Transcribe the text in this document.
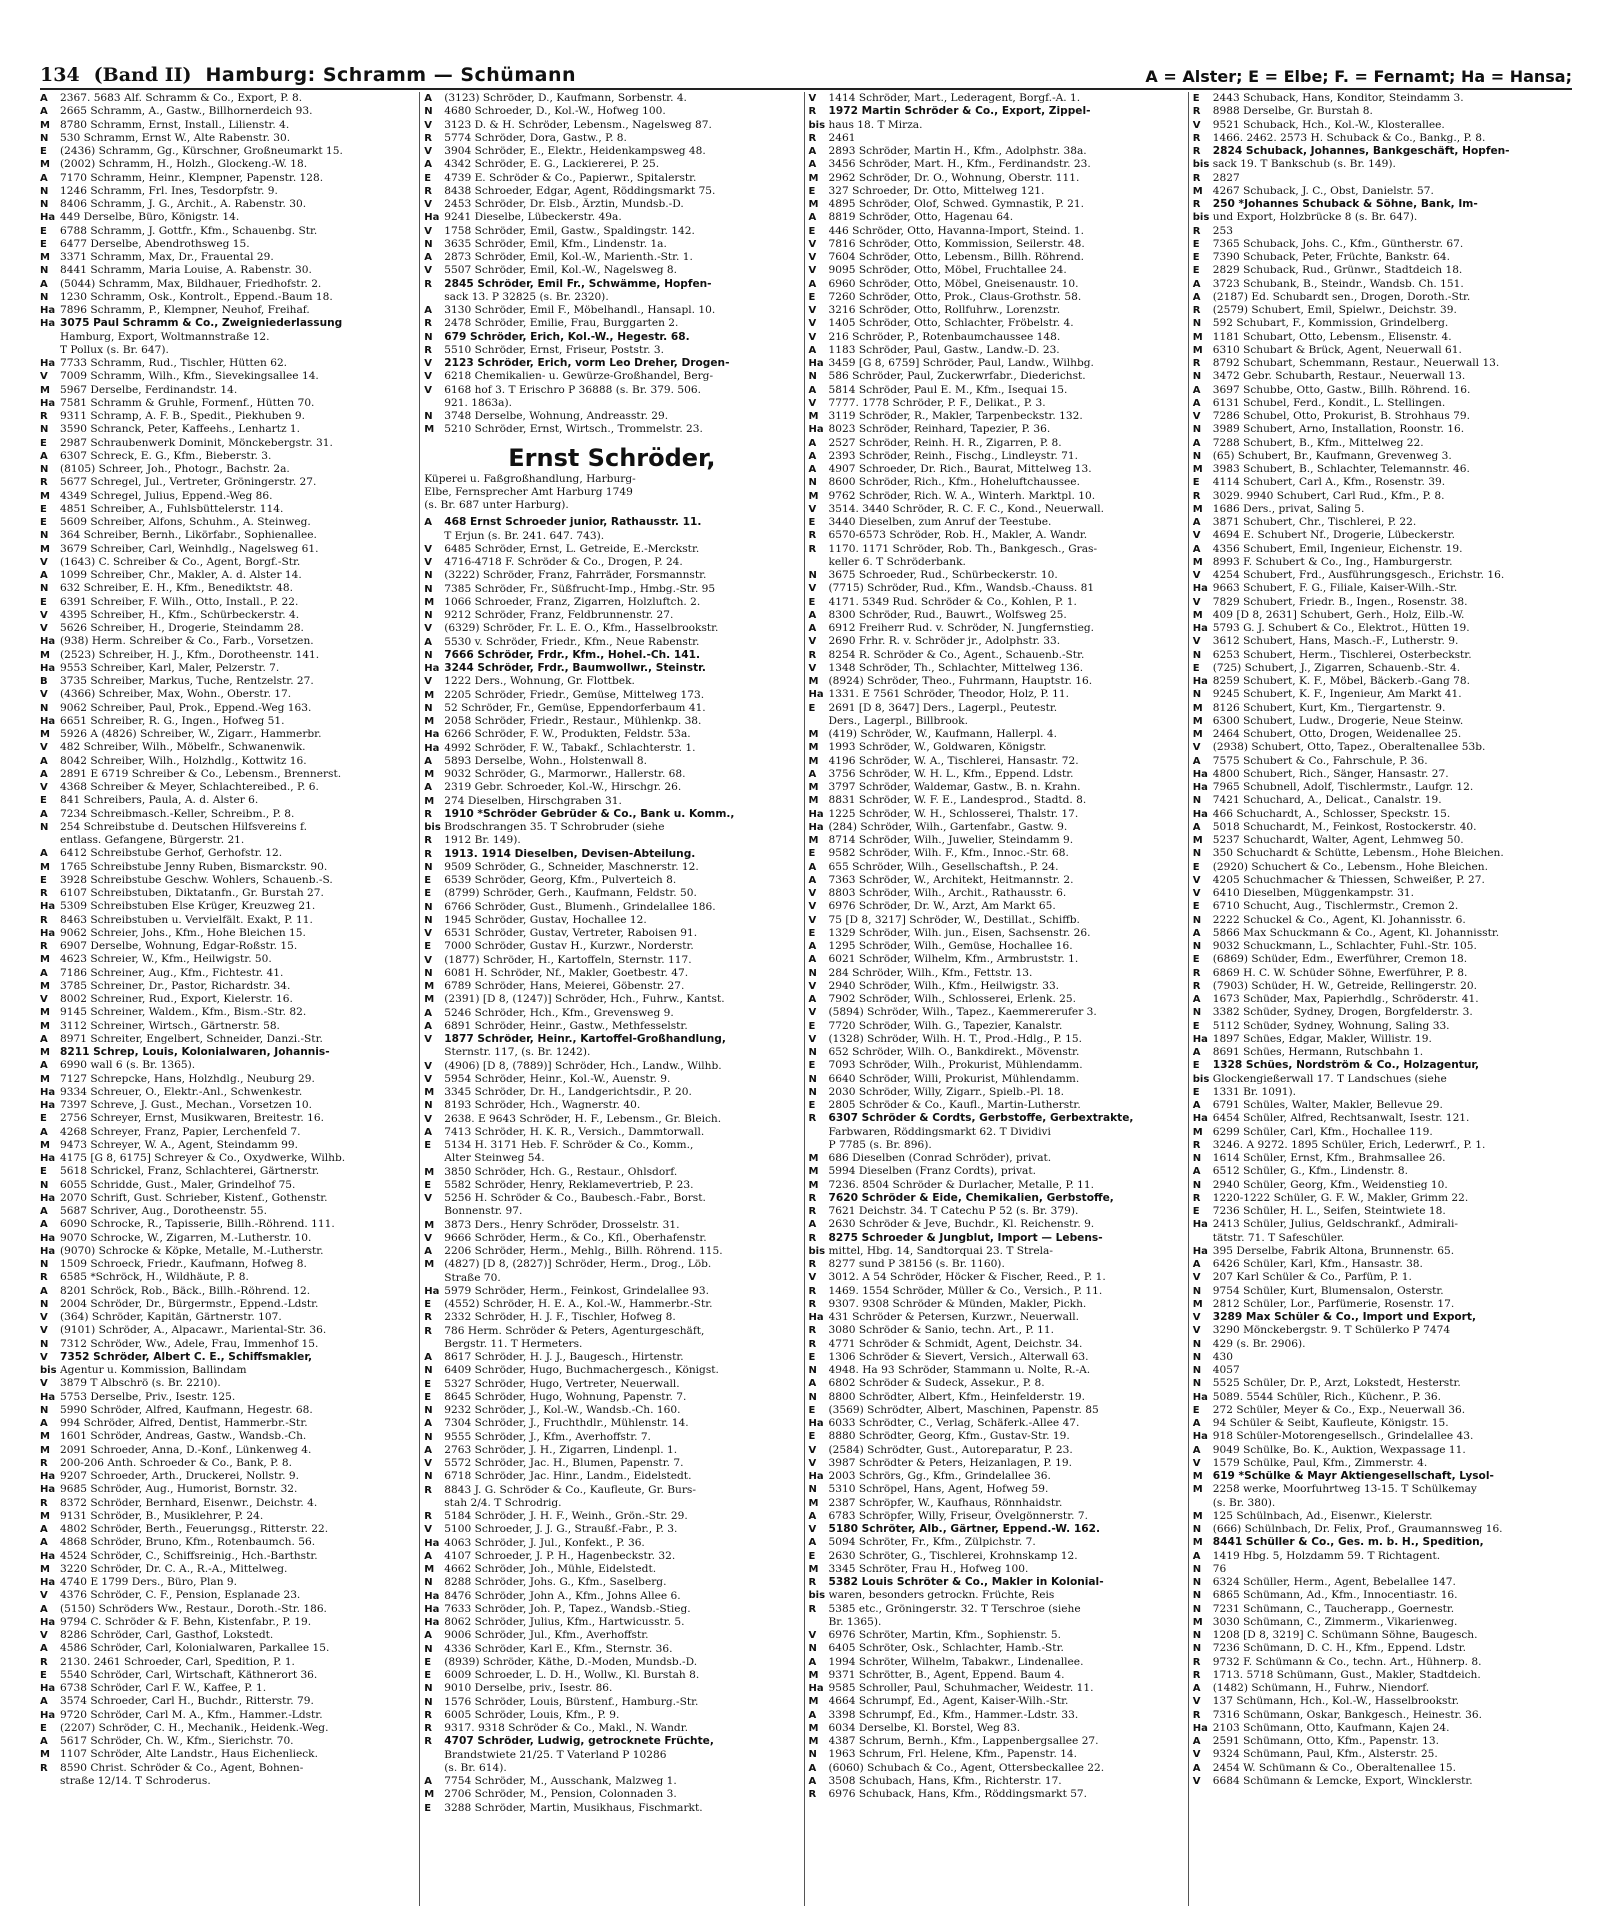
134 (Band II) Hamburg: Schramm — Schümann	A = Alster; E = Elbe; F. = Fernamt; Ha = Hansa;
A	2367. 5683 Alf. Schramm & Co., Export, P. 8.
A	2665 Schramm, A., Gastw., Billhornerdeich 93.
M 8780 Schramm, Ernst, Install., Lilienstr. 4.
N	530 Schramm, Ernst W., Alte Rabenstr. 30.
E	(2436) Schramm, Gg., Kürschner, Großneumarkt 15.
M (2002) Schramm, H., Holzh., Glockeng.-W. 18.
A	7170 Schramm, Heinr., Klempner, Papenstr. 128.
N	1246 Schramm, Frl. Ines, Tesdorpfstr. 9.
N	8406 Schramm, J. G., Archit., A. Rabenstr. 30.
Ha 449 Derselbe, Büro, Königstr. 14.
E	6788 Schramm, J. Gottfr., Kfm., Schauenbg. Str.
E	6477 Derselbe, Abendrothsweg 15.
M 3371 Schramm, Max, Dr., Frauental 29.
N	8441 Schramm, Maria Louise, A. Rabenstr. 30.
A	(5044) Schramm, Max, Bildhauer, Friedhofstr. 2.
N	1230 Schramm, Osk., Kontrolt., Eppend.-Baum 18.
Ha 7896 Schramm, P., Klempner, Neuhof, Freihaf.
Ha 3075 Paul Schramm & Co., Zweigniederlassung
Hamburg, Export, Woltmannstraße 12.
T Pollux (s. Br. 647).
Ha 7733 Schramm, Rud., Tischler, Hütten 62.
V	7009 Schramm, Wilh., Kfm., Sievekingsallee 14.
M 5967 Derselbe, Ferdinandstr. 14.
Ha 7581 Schramm & Gruhle, Formenf., Hütten 70.
R	9311 Schramp, A. F. B., Spedit., Piekhuben 9.
N	3590 Schranck, Peter, Kaffeehs., Lenhartz 1.
E	2987 Schraubenwerk Dominit, Mönckebergstr. 31.
A	6307 Schreck, E. G., Kfm., Bieberstr. 3.
N	(8105) Schreer, Joh., Photogr., Bachstr. 2a.
R	5677 Schregel, Jul., Vertreter, Gröningerstr. 27.
M 4349 Schregel, Julius, Eppend.-Weg 86.
E	4851 Schreiber, A., Fuhlsbüttelerstr. 114.
E	5609 Schreiber, Alfons, Schuhm., A. Steinweg.
N	364 Schreiber, Bernh., Likörfabr., Sophienallee.
M 3679 Schreiber, Carl, Weinhdlg., Nagelsweg 61.
V	(1643) C. Schreiber & Co., Agent, Borgf.-Str.
A	1099 Schreiber, Chr., Makler, A. d. Alster 14.
N	632 Schreiber, E. H., Kfm., Benediktstr. 48.
E	6391 Schreiber, F. Wilh., Otto, Install., P. 22.
V	4395 Schreiber, H., Kfm., Schürbeckerstr. 4.
V	5626 Schreiber, H., Drogerie, Steindamm 28.
Ha (938) Herm. Schreiber & Co., Farb., Vorsetzen.
M (2523) Schreiber, H. J., Kfm., Dorotheenstr. 141.
Ha 9553 Schreiber, Karl, Maler, Pelzerstr. 7.
B	3735 Schreiber, Markus, Tuche, Rentzelstr. 27.
V	(4366) Schreiber, Max, Wohn., Oberstr. 17.
N	9062 Schreiber, Paul, Prok., Eppend.-Weg 163.
Ha 6651 Schreiber, R. G., Ingen., Hofweg 51.
M 5926 A (4826) Schreiber, W., Zigarr., Hammerbr.
V	482 Schreiber, Wilh., Möbelfr., Schwanenwik.
A	8042 Schreiber, Wilh., Holzhdlg., Kottwitz 16.
A	2891 E 6719 Schreiber & Co., Lebensm., Brennerst.
V	4368 Schreiber & Meyer, Schlachtereibed., P. 6.
E	841 Schreibers, Paula, A. d. Alster 6.
A	7234 Schreibmasch.-Keller, Schreibm., P. 8.
N	254 Schreibstube d. Deutschen Hilfsvereins f.
entlass. Gefangene, Bürgerstr. 21.
A	6412 Schreibstube Gerhof, Gerhofstr. 12.
M 1765 Schreibstube Jenny Ruben, Bismarckstr. 90.
E	3928 Schreibstube Geschw. Wohlers, Schauenb.-S.
R	6107 Schreibstuben, Diktatanfn., Gr. Burstah 27.
Ha 5309 Schreibstuben Else Krüger, Kreuzweg 21.
R	8463 Schreibstuben u. Vervielfält. Exakt, P. 11.
Ha 9062 Schreier, Johs., Kfm., Hohe Bleichen 15.
R	6907 Derselbe, Wohnung, Edgar-Roßstr. 15.
M 4623 Schreier, W., Kfm., Heilwigstr. 50.
A	7186 Schreiner, Aug., Kfm., Fichtestr. 41.
M 3785 Schreiner, Dr., Pastor, Richardstr. 34.
V	8002 Schreiner, Rud., Export, Kielerstr. 16.
M 9145 Schreiner, Waldem., Kfm., Bism.-Str. 82.
M 3112 Schreiner, Wirtsch., Gärtnerstr. 58.
A	8971 Schreiter, Engelbert, Schneider, Danzi.-Str.
M 8211 Schrep, Louis, Kolonialwaren, Johannis-
A	6990 wall 6 (s. Br. 1365).
M 7127 Schrepcke, Hans, Holzhdlg., Neuburg 29.
Ha 9334 Schreuer, O., Elektr.-Anl., Schwenkestr.
Ha 7397 Schreve, J. Gust., Mechan., Vorsetzen 10.
E	2756 Schreyer, Ernst, Musikwaren, Breitestr. 16.
A	4268 Schreyer, Franz, Papier, Lerchenfeld 7.
M 9473 Schreyer, W. A., Agent, Steindamm 99.
Ha 4175 [G 8, 6175] Schreyer & Co., Oxydwerke, Wilhb.
E	5618 Schrickel, Franz, Schlachterei, Gärtnerstr.
N	6055 Schridde, Gust., Maler, Grindelhof 75.
Ha 2070 Schrift, Gust. Schrieber, Kistenf., Gothenstr.
A	5687 Schriver, Aug., Dorotheenstr. 55.
A	6090 Schrocke, R., Tapisserie, Billh.-Röhrend. 111.
Ha 9070 Schrocke, W., Zigarren, M.-Lutherstr. 10.
Ha (9070) Schrocke & Köpke, Metalle, M.-Lutherstr.
N	1509 Schroeck, Friedr., Kaufmann, Hofweg 8.
R	6585 *Schröck, H., Wildhäute, P. 8.
A	8201 Schröck, Rob., Bäck., Billh.-Röhrend. 12.
N	2004 Schröder, Dr., Bürgermstr., Eppend.-Ldstr.
V	(364) Schröder, Kapitän, Gärtnerstr. 107.
V	(9101) Schröder, A., Alpacawr., Mariental-Str. 36.
N	7312 Schröder, Ww., Adele, Frau, Immenhof 15.
V	7352 Schröder, Albert C. E., Schiffsmakler,
bis Agentur u. Kommission, Ballindam
V	3879 T Albschrö (s. Br. 2210).
Ha 5753 Derselbe, Priv., Isestr. 125.
N	5990 Schröder, Alfred, Kaufmann, Hegestr. 68.
A	994 Schröder, Alfred, Dentist, Hammerbr.-Str.
M 1601 Schröder, Andreas, Gastw., Wandsb.-Ch.
M 2091 Schroeder, Anna, D.-Konf., Lünkenweg 4.
R	200-206 Anth. Schroeder & Co., Bank, P. 8.
Ha 9207 Schroeder, Arth., Druckerei, Nollstr. 9.
Ha 9685 Schröder, Aug., Humorist, Bornstr. 32.
R	8372 Schröder, Bernhard, Eisenwr., Deichstr. 4.
M 9131 Schröder, B., Musiklehrer, P. 24.
A	4802 Schröder, Berth., Feuerungsg., Ritterstr. 22.
A	4868 Schröder, Bruno, Kfm., Rotenbaumch. 56.
Ha 4524 Schröder, C., Schiffsreinig., Hch.-Barthstr.
M 3220 Schröder, Dr. C. A., R.-A., Mittelweg.
Ha 4740 E 1799 Ders., Büro, Plan 9.
V	4376 Schröder, C. F., Pension, Esplanade 23.
A	(5150) Schröders Ww., Restaur., Doroth.-Str. 186.
Ha 9794 C. Schröder & F. Behn, Kistenfabr., P. 19.
V	8286 Schröder, Carl, Gasthof, Lokstedt.
A	4586 Schröder, Carl, Kolonialwaren, Parkallee 15.
R	2130. 2461 Schroeder, Carl, Spedition, P. 1.
E	5540 Schröder, Carl, Wirtschaft, Käthnerort 36.
Ha 6738 Schröder, Carl F. W., Kaffee, P. 1.
A	3574 Schroeder, Carl H., Buchdr., Ritterstr. 79.
Ha 9720 Schröder, Carl M. A., Kfm., Hammer.-Ldstr.
E	(2207) Schröder, C. H., Mechanik., Heidenk.-Weg.
A	5617 Schröder, Ch. W., Kfm., Sierichstr. 70.
M 1107 Schröder, Alte Landstr., Haus Eichenlieck.
R	8590 Christ. Schröder & Co., Agent, Bohnen-
straße 12/14. T Schroderus.
A	(3123) Schröder, D., Kaufmann, Sorbenstr. 4.
N	4680 Schroeder, D., Kol.-W., Hofweg 100.
V	3123 D. & H. Schröder, Lebensm., Nagelsweg 87.
R	5774 Schröder, Dora, Gastw., P. 8.
V	3904 Schröder, E., Elektr., Heidenkampsweg 48.
A	4342 Schröder, E. G., Lackiererei, P. 25.
E	4739 E. Schröder & Co., Papierwr., Spitalerstr.
R	8438 Schroeder, Edgar, Agent, Röddingsmarkt 75.
V	2453 Schröder, Dr. Elsb., Ärztin, Mundsb.-D.
Ha 9241 Dieselbe, Lübeckerstr. 49a.
V	1758 Schröder, Emil, Gastw., Spaldingstr. 142.
N	3635 Schröder, Emil, Kfm., Lindenstr. 1a.
A	2873 Schröder, Emil, Kol.-W., Marienth.-Str. 1.
V	5507 Schröder, Emil, Kol.-W., Nagelsweg 8.
R	2845 Schröder, Emil Fr., Schwämme, Hopfen-
sack 13. P 32825 (s. Br. 2320).
A	3130 Schröder, Emil F., Möbelhandl., Hansapl. 10.
R	2478 Schröder, Emilie, Frau, Burggarten 2.
N	679 Schröder, Erich, Kol.-W., Hegestr. 68.
R	5510 Schröder, Ernst, Friseur, Poststr. 3.
V	2123 Schröder, Erich, vorm Leo Dreher, Drogen-
V	6218 Chemikalien- u. Gewürze-Großhandel, Berg-
V	6168 hof 3. T Erischro P 36888 (s. Br. 379. 506.
921. 1863a).
N	3748 Derselbe, Wohnung, Andreasstr. 29.
M 5210 Schröder, Ernst, Wirtsch., Trommelstr. 23.
Ernst Schröder,
Küperei u. Faßgroßhandlung, Harburg-
Elbe, Fernsprecher Amt Harburg 1749
(s. Br. 687 unter Harburg).
A	468 Ernst Schroeder junior, Rathausstr. 11.
T Erjun (s. Br. 241. 647. 743).
V	6485 Schröder, Ernst, L. Getreide, E.-Merckstr.
V	4716-4718 F. Schröder & Co., Drogen, P. 24.
N	(3222) Schröder, Franz, Fahrräder, Forsmannstr.
N	7385 Schröder, Fr., Süßfrucht-Imp., Hmbg.-Str. 95
M 1066 Schroeder, Franz, Zigarren, Holzluftch. 2.
N	9212 Schröder, Franz, Feldbrunnenstr. 27.
V	(6329) Schröder, Fr. L. E. O., Kfm., Hasselbrookstr.
A	5530 v. Schröder, Friedr., Kfm., Neue Rabenstr.
N	7666 Schröder, Frdr., Kfm., Hohel.-Ch. 141.
Ha 3244 Schröder, Frdr., Baumwollwr., Steinstr.
V	1222 Ders., Wohnung, Gr. Flottbek.
M 2205 Schröder, Friedr., Gemüse, Mittelweg 173.
N	52 Schröder, Fr., Gemüse, Eppendorferbaum 41.
M 2058 Schröder, Friedr., Restaur., Mühlenkp. 38.
Ha 6266 Schröder, F. W., Produkten, Feldstr. 53a.
Ha 4992 Schröder, F. W., Tabakf., Schlachterstr. 1.
A	5893 Derselbe, Wohn., Holstenwall 8.
M 9032 Schröder, G., Marmorwr., Hallerstr. 68.
A	2319 Gebr. Schroeder, Kol.-W., Hirschgr. 26.
M 274 Dieselben, Hirschgraben 31.
R	1910 *Schröder Gebrüder & Co., Bank u. Komm.,
bis Brodschrangen 35. T Schrobruder (siehe
R	1912 Br. 149).
R	1913. 1914 Dieselben, Devisen-Abteilung.
N	9509 Schröder, G., Schneider, Maschnerstr. 12.
E	6539 Schröder, Georg, Kfm., Pulverteich 8.
E	(8799) Schröder, Gerh., Kaufmann, Feldstr. 50.
N	6766 Schröder, Gust., Blumenh., Grindelallee 186.
N	1945 Schröder, Gustav, Hochallee 12.
V	6531 Schröder, Gustav, Vertreter, Raboisen 91.
E	7000 Schröder, Gustav H., Kurzwr., Norderstr.
V	(1877) Schröder, H., Kartoffeln, Sternstr. 117.
N	6081 H. Schröder, Nf., Makler, Goetbestr. 47.
M 6789 Schröder, Hans, Meierei, Göbenstr. 27.
M (2391) [D 8, (1247)] Schröder, Hch., Fuhrw., Kantst.
A	5246 Schröder, Hch., Kfm., Grevensweg 9.
A	6891 Schröder, Heinr., Gastw., Methfesselstr.
V	1877 Schröder, Heinr., Kartoffel-Großhandlung,
Sternstr. 117, (s. Br. 1242).
V	(4906) [D 8, (7889)] Schröder, Hch., Landw., Wilhb.
V	5954 Schröder, Heinr., Kol.-W., Auenstr. 9.
M 3345 Schröder, Dr. H., Landgerichtsdir., P. 20.
N	8193 Schröder, Hch., Wagnerstr. 40.
V	2638. E 9643 Schröder, H. F., Lebensm., Gr. Bleich.
A	7413 Schröder, H. K. R., Versich., Dammtorwall.
E	5134 H. 3171 Heb. F. Schröder & Co., Komm.,
Alter Steinweg 54.
M 3850 Schröder, Hch. G., Restaur., Ohlsdorf.
E	5582 Schröder, Henry, Reklamevertrieb, P. 23.
V	5256 H. Schröder & Co., Baubesch.-Fabr., Borst.
Bonnenstr. 97.
M 3873 Ders., Henry Schröder, Drosselstr. 31.
V	9666 Schröder, Herm., & Co., Kfl., Oberhafenstr.
A	2206 Schröder, Herm., Mehlg., Billh. Röhrend. 115.
M (4827) [D 8, (2827)] Schröder, Herm., Drog., Löb.
Straße 70.
Ha 5979 Schröder, Herm., Feinkost, Grindelallee 93.
E	(4552) Schröder, H. E. A., Kol.-W., Hammerbr.-Str.
R	2332 Schröder, H. J. F., Tischler, Hofweg 8.
R	786 Herm. Schröder & Peters, Agenturgeschäft,
Bergstr. 11. T Hermeters.
A	8617 Schröder, H. J. J., Baugesch., Hirtenstr.
N	6409 Schröder, Hugo, Buchmachergesch., Königst.
E	5327 Schröder, Hugo, Vertreter, Neuerwall.
E	8645 Schröder, Hugo, Wohnung, Papenstr. 7.
N	9232 Schröder, J., Kol.-W., Wandsb.-Ch. 160.
A	7304 Schröder, J., Fruchthdlr., Mühlenstr. 14.
N	9555 Schröder, J., Kfm., Averhoffstr. 7.
A	2763 Schröder, J. H., Zigarren, Lindenpl. 1.
V	5572 Schröder, Jac. H., Blumen, Papenstr. 7.
N	6718 Schröder, Jac. Hinr., Landm., Eidelstedt.
R	8843 J. G. Schröder & Co., Kaufleute, Gr. Burs-
stah 2/4. T Schrodrig.
R	5184 Schröder, J. H. F., Weinh., Grön.-Str. 29.
V	5100 Schroeder, J. J. G., Straußf.-Fabr., P. 3.
Ha 4063 Schröder, J. Jul., Konfekt., P. 36.
A	4107 Schroeder, J. P. H., Hagenbeckstr. 32.
M 4662 Schröder, Joh., Mühle, Eidelstedt.
N	8288 Schröder, Johs. G., Kfm., Saselberg.
Ha 8476 Schröder, John A., Kfm., Johns Allee 6.
Ha 7633 Schröder, Joh. P., Tapez., Wandsb.-Stieg.
Ha 8062 Schröder, Julius, Kfm., Hartwicusstr. 5.
A	9006 Schröder, Jul., Kfm., Averhoffstr.
N	4336 Schröder, Karl E., Kfm., Sternstr. 36.
E	(8939) Schröder, Käthe, D.-Moden, Mundsb.-D.
E	6009 Schroeder, L. D. H., Wollw., Kl. Burstah 8.
N	9010 Derselbe, priv., Isestr. 86.
N	1576 Schröder, Louis, Bürstenf., Hamburg.-Str.
R	6005 Schröder, Louis, Kfm., P. 9.
R	9317. 9318 Schröder & Co., Makl., N. Wandr.
R	4707 Schröder, Ludwig, getrocknete Früchte,
Brandstwiete 21/25. T Vaterland P 10286
(s. Br. 614).
A	7754 Schröder, M., Ausschank, Malzweg 1.
M 2706 Schröder, M., Pension, Colonnaden 3.
E	3288 Schröder, Martin, Musikhaus, Fischmarkt.
V	1414 Schröder, Mart., Lederagent, Borgf.-A. 1.
R	1972 Martin Schröder & Co., Export, Zippel-
bis haus 18. T Mirza.
R	2461
A	2893 Schröder, Martin H., Kfm., Adolphstr. 38a.
A	3456 Schröder, Mart. H., Kfm., Ferdinandstr. 23.
M 2962 Schröder, Dr. O., Wohnung, Oberstr. 111.
E	327 Schroeder, Dr. Otto, Mittelweg 121.
M 4895 Schröder, Olof, Schwed. Gymnastik, P. 21.
A	8819 Schröder, Otto, Hagenau 64.
E	446 Schröder, Otto, Havanna-Import, Steind. 1.
V	7816 Schröder, Otto, Kommission, Seilerstr. 48.
V	7604 Schröder, Otto, Lebensm., Billh. Röhrend.
V	9095 Schröder, Otto, Möbel, Fruchtallee 24.
A	6960 Schröder, Otto, Möbel, Gneisenaustr. 10.
E	7260 Schröder, Otto, Prok., Claus-Grothstr. 58.
V	3216 Schröder, Otto, Rollfuhrw., Lorenzstr.
V	1405 Schröder, Otto, Schlachter, Fröbelstr. 4.
V	216 Schröder, P., Rotenbaumchaussee 148.
A	1183 Schröder, Paul, Gastw., Landw.-D. 23.
Ha 3459 [G 8, 6759] Schröder, Paul, Landw., Wilhbg.
N	586 Schröder, Paul, Zuckerwrfabr., Diederichst.
A	5814 Schröder, Paul E. M., Kfm., Isequai 15.
V	7777. 1778 Schröder, P. F., Delikat., P. 3.
M 3119 Schröder, R., Makler, Tarpenbeckstr. 132.
Ha 8023 Schröder, Reinhard, Tapezier, P. 36.
A	2527 Schröder, Reinh. H. R., Zigarren, P. 8.
A	2393 Schröder, Reinh., Fischg., Lindleystr. 71.
A	4907 Schroeder, Dr. Rich., Baurat, Mittelweg 13.
N	8600 Schröder, Rich., Kfm., Hoheluftchaussee.
M 9762 Schröder, Rich. W. A., Winterh. Marktpl. 10.
V	3514. 3440 Schröder, R. C. F. C., Kond., Neuerwall.
E	3440 Dieselben, zum Anruf der Teestube.
R	6570-6573 Schröder, Rob. H., Makler, A. Wandr.
R	1170. 1171 Schröder, Rob. Th., Bankgesch., Gras-
keller 6. T Schröderbank.
N	3675 Schroeder, Rud., Schürbeckerstr. 10.
V	(7715) Schröder, Rud., Kfm., Wandsb.-Chauss. 81
E	4171. 5349 Rud. Schröder & Co., Kohlen, P. 1.
A	8300 Schröder, Rud., Bauwrt., Wolfsweg 25.
A	6912 Freiherr Rud. v. Schröder, N. Jungfernstieg.
V	2690 Frhr. R. v. Schröder jr., Adolphstr. 33.
R	8254 R. Schröder & Co., Agent., Schauenb.-Str.
V	1348 Schröder, Th., Schlachter, Mittelweg 136.
M (8924) Schröder, Theo., Fuhrmann, Hauptstr. 16.
Ha 1331. E 7561 Schröder, Theodor, Holz, P. 11.
E	2691 [D 8, 3647] Ders., Lagerpl., Peutestr.
Ders., Lagerpl., Billbrook.
M (419) Schröder, W., Kaufmann, Hallerpl. 4.
M 1993 Schröder, W., Goldwaren, Königstr.
M 4196 Schröder, W. A., Tischlerei, Hansastr. 72.
A	3756 Schröder, W. H. L., Kfm., Eppend. Ldstr.
M 3797 Schröder, Waldemar, Gastw., B. n. Krahn.
M 8831 Schröder, W. F. E., Landesprod., Stadtd. 8.
Ha 1225 Schröder, W. H., Schlosserei, Thalstr. 17.
Ha (284) Schröder, Wilh., Gartenfabr., Gastw. 9.
M 8714 Schröder, Wilh., Juwelier, Steindamm 9.
E	9582 Schröder, Wilh. F., Kfm., Innoc.-Str. 68.
A	655 Schröder, Wilh., Gesellschaftsh., P. 24.
A	7363 Schröder, W., Architekt, Heitmannstr. 2.
V	8803 Schröder, Wilh., Archit., Rathausstr. 6.
V	6976 Schröder, Dr. W., Arzt, Am Markt 65.
V	75 [D 8, 3217] Schröder, W., Destillat., Schiffb.
E	1329 Schröder, Wilh. jun., Eisen, Sachsenstr. 26.
A	1295 Schröder, Wilh., Gemüse, Hochallee 16.
A	6021 Schröder, Wilhelm, Kfm., Armbruststr. 1.
N	284 Schröder, Wilh., Kfm., Fettstr. 13.
V	2940 Schröder, Wilh., Kfm., Heilwigstr. 33.
A	7902 Schröder, Wilh., Schlosserei, Erlenk. 25.
V	(5894) Schröder, Wilh., Tapez., Kaemmererufer 3.
E	7720 Schröder, Wilh. G., Tapezier, Kanalstr.
V	(1328) Schröder, Wilh. H. T., Prod.-Hdlg., P. 15.
N	652 Schröder, Wilh. O., Bankdirekt., Mövenstr.
E	7093 Schröder, Wilh., Prokurist, Mühlendamm.
N	6640 Schröder, Willi, Prokurist, Mühlendamm.
N	2030 Schröder, Willy, Zigarr., Spielb.-Pl. 18.
E	2805 Schröder & Co., Kaufl., Martin-Lutherstr.
R	6307 Schröder & Cordts, Gerbstoffe, Gerbextrakte,
Farbwaren, Röddingsmarkt 62. T Dividivi
P 7785 (s. Br. 896).
M 686 Dieselben (Conrad Schröder), privat.
M 5994 Dieselben (Franz Cordts), privat.
M 7236. 8504 Schröder & Durlacher, Metalle, P. 11.
R	7620 Schröder & Eide, Chemikalien, Gerbstoffe,
R	7621 Deichstr. 34. T Catechu P 52 (s. Br. 379).
A	2630 Schröder & Jeve, Buchdr., Kl. Reichenstr. 9.
R	8275 Schroeder & Jungblut, Import — Lebens-
bis mittel, Hbg. 14, Sandtorquai 23. T Strela-
R	8277 sund P 38156 (s. Br. 1160).
V	3012. A 54 Schröder, Höcker & Fischer, Reed., P. 1.
R	1469. 1554 Schröder, Müller & Co., Versich., P. 11.
R	9307. 9308 Schröder & Münden, Makler, Pickh.
Ha 431 Schröder & Petersen, Kurzwr., Neuerwall.
R	3080 Schröder & Sanio, techn. Art., P. 11.
R	4771 Schröder & Schmidt, Agent, Deichstr. 34.
E	1306 Schröder & Sievert, Versich., Alterwall 63.
N	4948. Ha 93 Schröder, Stammann u. Nolte, R.-A.
A	6802 Schröder & Sudeck, Assekur., P. 8.
N	8800 Schrödter, Albert, Kfm., Heinfelderstr. 19.
E	(3569) Schrödter, Albert, Maschinen, Papenstr. 85
Ha 6033 Schrödter, C., Verlag, Schäferk.-Allee 47.
E	8880 Schrödter, Georg, Kfm., Gustav-Str. 19.
V	(2584) Schrödter, Gust., Autoreparatur, P. 23.
V	3987 Schrödter & Peters, Heizanlagen, P. 19.
Ha 2003 Schrörs, Gg., Kfm., Grindelallee 36.
N	5310 Schröpel, Hans, Agent, Hofweg 59.
M 2387 Schröpfer, W., Kaufhaus, Rönnhaidstr.
A	6783 Schröpfer, Willy, Friseur, Övelgönnerstr. 7.
V	5180 Schröter, Alb., Gärtner, Eppend.-W. 162.
A	5094 Schröter, Fr., Kfm., Zülpichstr. 7.
E	2630 Schröter, G., Tischlerei, Krohnskamp 12.
M 3345 Schröter, Frau H., Hofweg 100.
R	5382 Louis Schröter & Co., Makler in Kolonial-
bis waren, besonders getrockn. Früchte, Reis
R	5385 etc., Gröningerstr. 32. T Terschroe (siehe
Br. 1365).
V	6976 Schröter, Martin, Kfm., Sophienstr. 5.
N	6405 Schröter, Osk., Schlachter, Hamb.-Str.
A	1994 Schröter, Wilhelm, Tabakwr., Lindenallee.
M 9371 Schrötter, B., Agent, Eppend. Baum 4.
Ha 9585 Schroller, Paul, Schuhmacher, Weidestr. 11.
M 4664 Schrumpf, Ed., Agent, Kaiser-Wilh.-Str.
A	3398 Schrumpf, Ed., Kfm., Hammer.-Ldstr. 33.
M 6034 Derselbe, Kl. Borstel, Weg 83.
M 4387 Schrum, Bernh., Kfm., Lappenbergsallee 27.
N	1963 Schrum, Frl. Helene, Kfm., Papenstr. 14.
A	(6060) Schubach & Co., Agent, Ottersbeckallee 22.
A	3508 Schubach, Hans, Kfm., Richterstr. 17.
R	6976 Schuback, Hans, Kfm., Röddingsmarkt 57.
E	2443 Schuback, Hans, Konditor, Steindamm 3.
R	8988 Derselbe, Gr. Burstah 8.
V	9521 Schuback, Hch., Kol.-W., Klosterallee.
R	1466. 2462. 2573 H. Schuback & Co., Bankg., P. 8.
R	2824 Schuback, Johannes, Bankgeschäft, Hopfen-
bis sack 19. T Bankschub (s. Br. 149).
R	2827
M 4267 Schuback, J. C., Obst, Danielstr. 57.
R	250 *Johannes Schuback & Söhne, Bank, Im-
bis und Export, Holzbrücke 8 (s. Br. 647).
R	253
E	7365 Schuback, Johs. C., Kfm., Güntherstr. 67.
E	7390 Schuback, Peter, Früchte, Bankstr. 64.
E	2829 Schuback, Rud., Grünwr., Stadtdeich 18.
A	3723 Schubank, B., Steindr., Wandsb. Ch. 151.
A	(2187) Ed. Schubardt sen., Drogen, Doroth.-Str.
R	(2579) Schubert, Emil, Spielwr., Deichstr. 39.
N	592 Schubart, F., Kommission, Grindelberg.
M 1181 Schubart, Otto, Lebensm., Elisenstr. 4.
M 6310 Schubart & Brück, Agent, Neuerwall 61.
R	8792 Schubart, Schemmann, Restaur., Neuerwall 13.
N	3472 Gebr. Schubarth, Restaur., Neuerwall 13.
A	3697 Schubbe, Otto, Gastw., Billh. Röhrend. 16.
A	6131 Schubel, Ferd., Kondit., L. Stellingen.
V	7286 Schubel, Otto, Prokurist, B. Strohhaus 79.
N	3989 Schubert, Arno, Installation, Roonstr. 16.
A	7288 Schubert, B., Kfm., Mittelweg 22.
N	(65) Schubert, Br., Kaufmann, Grevenweg 3.
M 3983 Schubert, B., Schlachter, Telemannstr. 46.
E	4114 Schubert, Carl A., Kfm., Rosenstr. 39.
R	3029. 9940 Schubert, Carl Rud., Kfm., P. 8.
M 1686 Ders., privat, Saling 5.
A	3871 Schubert, Chr., Tischlerei, P. 22.
V	4694 E. Schubert Nf., Drogerie, Lübeckerstr.
A	4356 Schubert, Emil, Ingenieur, Eichenstr. 19.
M 8993 F. Schubert & Co., Ing., Hamburgerstr.
V	4254 Schubert, Frd., Ausführungsgesch., Erichstr. 16.
Ha 9663 Schubert, F. G., Filiale, Kaiser-Wilh.-Str.
V	7829 Schubert, Friedr. B., Ingen., Rosenstr. 38.
M 409 [D 8, 2631] Schubert, Gerh., Holz, Eilb.-W.
Ha 5793 G. J. Schubert & Co., Elektrot., Hütten 19.
V	3612 Schubert, Hans, Masch.-F., Lutherstr. 9.
N	6253 Schubert, Herm., Tischlerei, Osterbeckstr.
E	(725) Schubert, J., Zigarren, Schauenb.-Str. 4.
Ha 8259 Schubert, K. F., Möbel, Bäckerb.-Gang 78.
N	9245 Schubert, K. F., Ingenieur, Am Markt 41.
M 8126 Schubert, Kurt, Km., Tiergartenstr. 9.
M 6300 Schubert, Ludw., Drogerie, Neue Steinw.
M 2464 Schubert, Otto, Drogen, Weidenallee 25.
V	(2938) Schubert, Otto, Tapez., Oberaltenallee 53b.
A	7575 Schubert & Co., Fahrschule, P. 36.
Ha 4800 Schubert, Rich., Sänger, Hansastr. 27.
Ha 7965 Schubnell, Adolf, Tischlermstr., Laufgr. 12.
N	7421 Schuchard, A., Delicat., Canalstr. 19.
Ha 466 Schuchardt, A., Schlosser, Speckstr. 15.
A	5018 Schuchardt, M., Feinkost, Rostockerstr. 40.
M 5237 Schuchardt, Walter, Agent, Lehmweg 50.
N	350 Schuchardt & Schütte, Lebensm., Hohe Bleichen.
E	(2920) Schuchert & Co., Lebensm., Hohe Bleichen.
V	4205 Schuchmacher & Thiessen, Schweißer, P. 27.
V	6410 Dieselben, Müggenkampstr. 31.
E	6710 Schucht, Aug., Tischlermstr., Cremon 2.
N	2222 Schuckel & Co., Agent, Kl. Johannisstr. 6.
A	5866 Max Schuckmann & Co., Agent, Kl. Johannisstr.
N	9032 Schuckmann, L., Schlachter, Fuhl.-Str. 105.
E	(6869) Schüder, Edm., Ewerführer, Cremon 18.
R	6869 H. C. W. Schüder Söhne, Ewerführer, P. 8.
R	(7903) Schüder, H. W., Getreide, Rellingerstr. 20.
A	1673 Schüder, Max, Papierhdlg., Schröderstr. 41.
N	3382 Schüder, Sydney, Drogen, Borgfelderstr. 3.
E	5112 Schüder, Sydney, Wohnung, Saling 33.
Ha 1897 Schües, Edgar, Makler, Willistr. 19.
A	8691 Schües, Hermann, Rutschbahn 1.
E	1328 Schües, Nordström & Co., Holzagentur,
bis Glockengießerwall 17. T Landschues (siehe
E	1331 Br. 1091).
A	6791 Schüles, Walter, Makler, Bellevue 29.
Ha 6454 Schüler, Alfred, Rechtsanwalt, Isestr. 121.
M 6299 Schüler, Carl, Kfm., Hochallee 119.
R	3246. A 9272. 1895 Schüler, Erich, Lederwrf., P. 1.
N	1614 Schüler, Ernst, Kfm., Brahmsallee 26.
A	6512 Schüler, G., Kfm., Lindenstr. 8.
N	2940 Schüler, Georg, Kfm., Weidenstieg 10.
R	1220-1222 Schüler, G. F. W., Makler, Grimm 22.
E	7236 Schüler, H. L., Seifen, Steintwiete 18.
Ha 2413 Schüler, Julius, Geldschrankf., Admirali-
tätstr. 71. T Safeschüler.
Ha 395 Derselbe, Fabrik Altona, Brunnenstr. 65.
A	6426 Schüler, Karl, Kfm., Hansastr. 38.
V	207 Karl Schüler & Co., Parfüm, P. 1.
N	9754 Schüler, Kurt, Blumensalon, Osterstr.
M 2812 Schüler, Lor., Parfümerie, Rosenstr. 17.
V	3289 Max Schüler & Co., Import und Export,
V	3290 Mönckebergstr. 9. T Schülerko P 7474
N	429 (s. Br. 2906).
N	430
N	4057
N	5525 Schüler, Dr. P., Arzt, Lokstedt, Hesterstr.
Ha 5089. 5544 Schüler, Rich., Küchenr., P. 36.
E	272 Schüler, Meyer & Co., Exp., Neuerwall 36.
A	94 Schüler & Seibt, Kaufleute, Königstr. 15.
Ha 918 Schüler-Motorengesellsch., Grindelallee 43.
A	9049 Schülke, Bo. K., Auktion, Wexpassage 11.
V	1579 Schülke, Paul, Kfm., Zimmerstr. 4.
M 619 *Schülke & Mayr Aktiengesellschaft, Lysol-
M 2258 werke, Moorfuhrtweg 13-15. T Schülkemay
(s. Br. 380).
M 125 Schülnbach, Ad., Eisenwr., Kielerstr.
N	(666) Schülnbach, Dr. Felix, Prof., Graumannsweg 16.
M 8441 Schüller & Co., Ges. m. b. H., Spedition,
A	1419 Hbg. 5, Holzdamm 59. T Richtagent.
N	76
N	6324 Schüller, Herm., Agent, Bebelallee 147.
N	6865 Schümann, Ad., Kfm., Innocentiastr. 16.
N	7231 Schümann, C., Taucherapp., Goernestr.
M 3030 Schümann, C., Zimmerm., Vikarienweg.
N	1208 [D 8, 3219] C. Schümann Söhne, Baugesch.
N	7236 Schümann, D. C. H., Kfm., Eppend. Ldstr.
R	9732 F. Schümann & Co., techn. Art., Hühnerp. 8.
R	1713. 5718 Schümann, Gust., Makler, Stadtdeich.
A	(1482) Schümann, H., Fuhrw., Niendorf.
V	137 Schümann, Hch., Kol.-W., Hasselbrookstr.
R	7316 Schümann, Oskar, Bankgesch., Heinestr. 36.
Ha 2103 Schümann, Otto, Kaufmann, Kajen 24.
A	2591 Schümann, Otto, Kfm., Papenstr. 13.
V	9324 Schümann, Paul, Kfm., Alsterstr. 25.
A	2454 W. Schümann & Co., Oberaltenallee 15.
V	6684 Schümann & Lemcke, Export, Wincklerstr.
